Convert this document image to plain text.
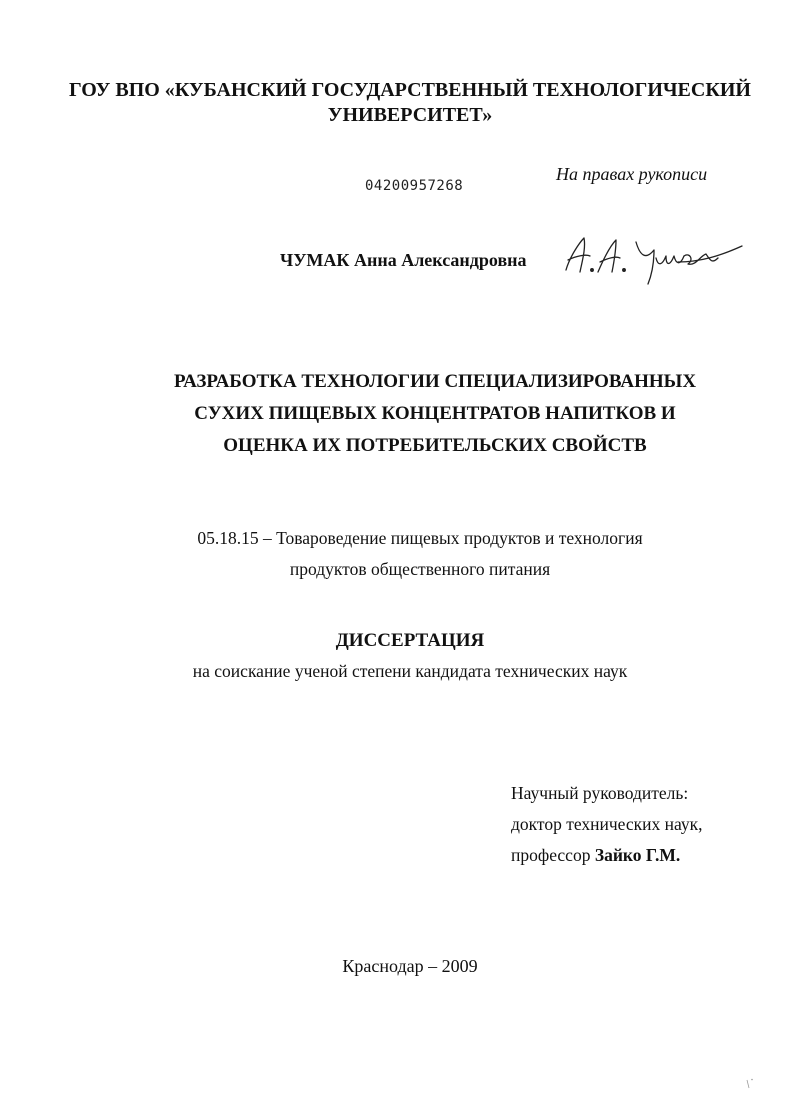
ГОУ ВПО «КУБАНСКИЙ ГОСУДАРСТВЕННЫЙ ТЕХНОЛОГИЧЕСКИЙ
УНИВЕРСИТЕТ»
04200957268
На правах рукописи
ЧУМАК Анна Александровна
РАЗРАБОТКА ТЕХНОЛОГИИ СПЕЦИАЛИЗИРОВАННЫХ
СУХИХ ПИЩЕВЫХ КОНЦЕНТРАТОВ НАПИТКОВ И
ОЦЕНКА ИХ ПОТРЕБИТЕЛЬСКИХ СВОЙСТВ
05.18.15 – Товароведение пищевых продуктов и технология
продуктов общественного питания
ДИССЕРТАЦИЯ
на соискание ученой степени кандидата технических наук
Научный руководитель:
доктор технических наук,
профессор Зайко Г.М.
Краснодар – 2009
